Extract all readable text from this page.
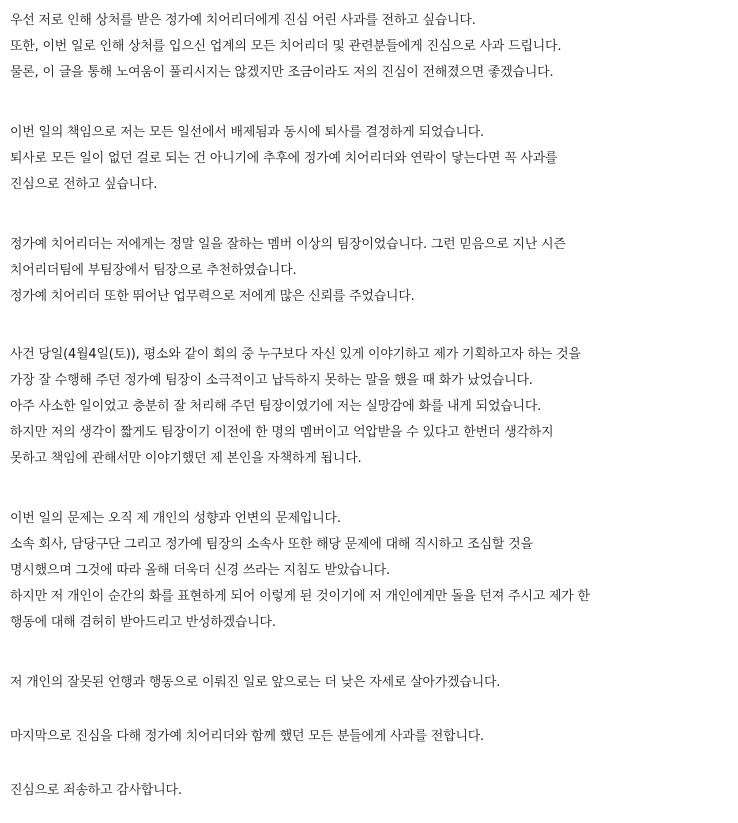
우선 저로 인해 상처를 받은 정가예 치어리더에게 진심 어린 사과를 전하고 싶습니다.
또한, 이번 일로 인해 상처를 입으신 업계의 모든 치어리더 및 관련분들에게 진심으로 사과 드립니다.
물론, 이 글을 통해 노여움이 풀리시지는 않겠지만 조금이라도 저의 진심이 전해졌으면 좋겠습니다.
이번 일의 책임으로 저는 모든 일선에서 배제됨과 동시에 퇴사를 결정하게 되었습니다.
퇴사로 모든 일이 없던 걸로 되는 건 아니기에 추후에 정가예 치어리더와 연락이 닿는다면 꼭 사과를
진심으로 전하고 싶습니다.
정가예 치어리더는 저에게는 정말 일을 잘하는 멤버 이상의 팀장이었습니다. 그런 믿음으로 지난 시즌
치어리더팀에 부팀장에서 팀장으로 추천하였습니다.
정가예 치어리더 또한 뛰어난 업무력으로 저에게 많은 신뢰를 주었습니다.
사건 당일(4월4일(토)), 평소와 같이 회의 중 누구보다 자신 있게 이야기하고 제가 기획하고자 하는 것을
가장 잘 수행해 주던 정가예 팀장이 소극적이고 납득하지 못하는 말을 했을 때 화가 났었습니다.
아주 사소한 일이었고 충분히 잘 처리해 주던 팀장이였기에 저는 실망감에 화를 내게 되었습니다.
하지만 저의 생각이 짧게도 팀장이기 이전에 한 명의 멤버이고 억압받을 수 있다고 한번더 생각하지
못하고 책임에 관해서만 이야기했던 제 본인을 자책하게 됩니다.
이번 일의 문제는 오직 제 개인의 성향과 언변의 문제입니다.
소속 회사, 담당구단 그리고 정가예 팀장의 소속사 또한 해당 문제에 대해 직시하고 조심할 것을
명시했으며 그것에 따라 올해 더욱더 신경 쓰라는 지침도 받았습니다.
하지만 저 개인이 순간의 화를 표현하게 되어 이렇게 된 것이기에 저 개인에게만 돌을 던져 주시고 제가 한
행동에 대해 겸허히 받아드리고 반성하겠습니다.
저 개인의 잘못된 언행과 행동으로 이뤄진 일로 앞으로는 더 낮은 자세로 살아가겠습니다.
마지막으로 진심을 다해 정가예 치어리더와 함께 했던 모든 분들에게 사과를 전합니다.
진심으로 죄송하고 감사합니다.
